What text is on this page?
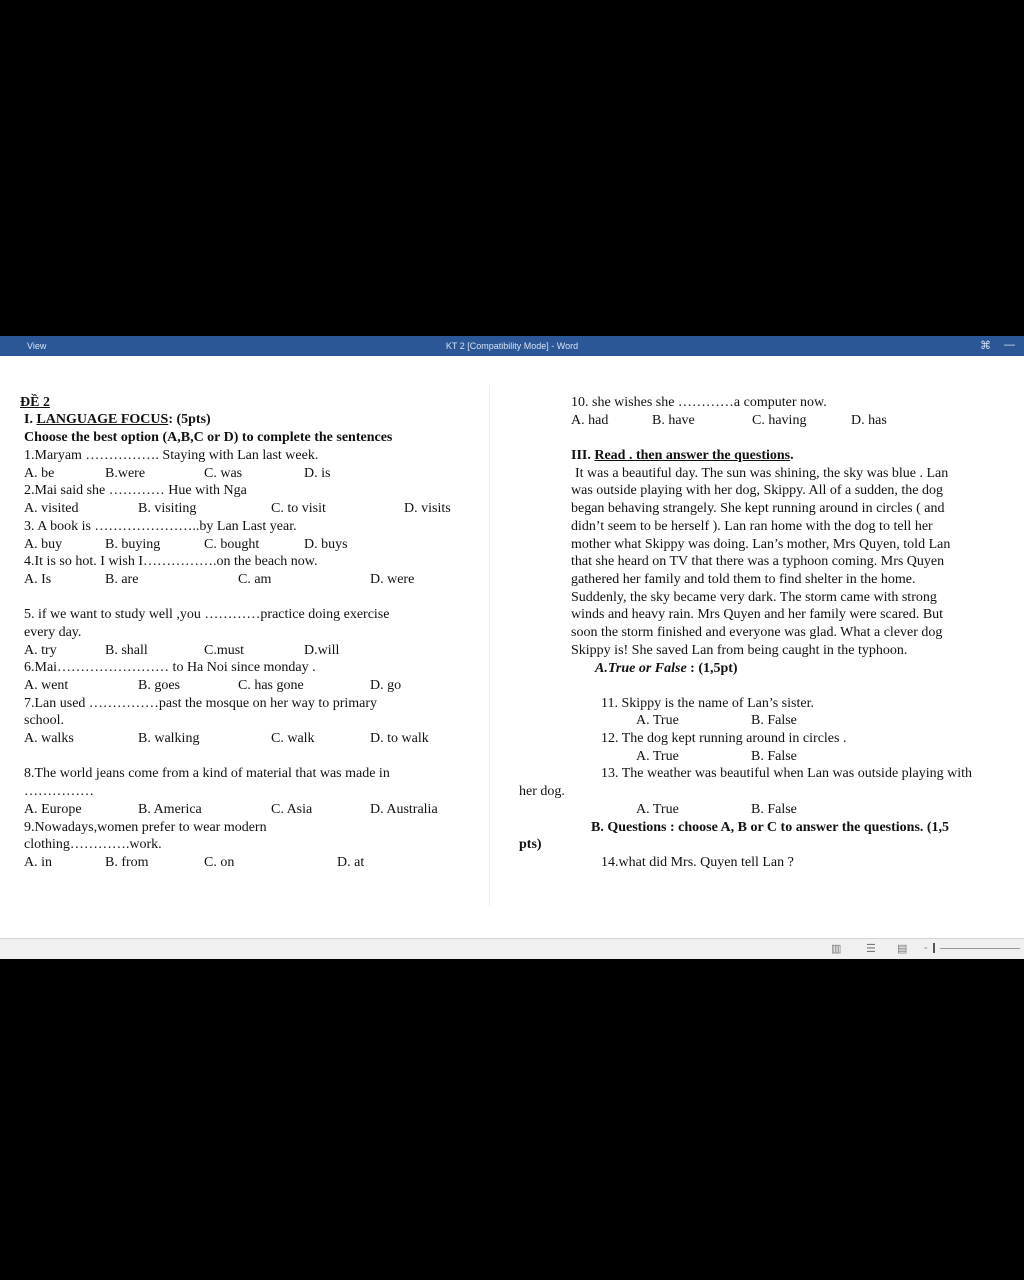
View	KT 2 [Compatibility Mode] - Word	⌘ —
ĐỀ 2
I. LANGUAGE FOCUS: (5pts)
Choose the best option (A,B,C or D) to complete the sentences
1.Maryam ……………. Staying with Lan last week.
A. be	B.were	C. was	D. is
2.Mai said she ………… Hue with Nga
A. visited	B. visiting	C. to visit	D. visits
3. A book is …………………..by Lan Last year.
A. buy	B. buying	C. bought	D. buys
4.It is so hot. I wish I…………….on the beach now.
A. Is	B. are	C. am	D. were
5. if we want to study well ,you …………practice doing exercise
every day.
A. try	B. shall	C.must	D.will
6.Mai…………………… to Ha Noi since monday .
A. went	B. goes	C. has gone	D. go
7.Lan used ……………past the mosque on her way to primary
school.
A. walks	B. walking	C. walk	D. to walk
8.The world jeans come from a kind of material that was made in
……………
A. Europe	B. America	C. Asia	D. Australia
9.Nowadays,women prefer to wear modern
clothing………….work.
A. in	B. from	C. on	D. at
10. she wishes she …………a computer now.
A. had	B. have	C. having	D. has
III. Read . then answer the questions.
It was a beautiful day. The sun was shining, the sky was blue . Lan
was outside playing with her dog, Skippy. All of a sudden, the dog
began behaving strangely. She kept running around in circles ( and
didn’t seem to be herself ). Lan ran home with the dog to tell her
mother what Skippy was doing. Lan’s mother, Mrs Quyen, told Lan
that she heard on TV that there was a typhoon coming. Mrs Quyen
gathered her family and told them to find shelter in the home.
Suddenly, the sky became very dark. The storm came with strong
winds and heavy rain. Mrs Quyen and her family were scared. But
soon the storm finished and everyone was glad. What a clever dog
Skippy is! She saved Lan from being caught in the typhoon.
A.True or False : (1,5pt)
11. Skippy is the name of Lan’s sister.
A. True	B. False
12. The dog kept running around in circles .
A. True	B. False
13. The weather was beautiful when Lan was outside playing with
her dog.
A. True	B. False
B. Questions : choose A, B or C to answer the questions. (1,5
pts)
14.what did Mrs. Quyen tell Lan ?
▥ ☰ ▤ -
